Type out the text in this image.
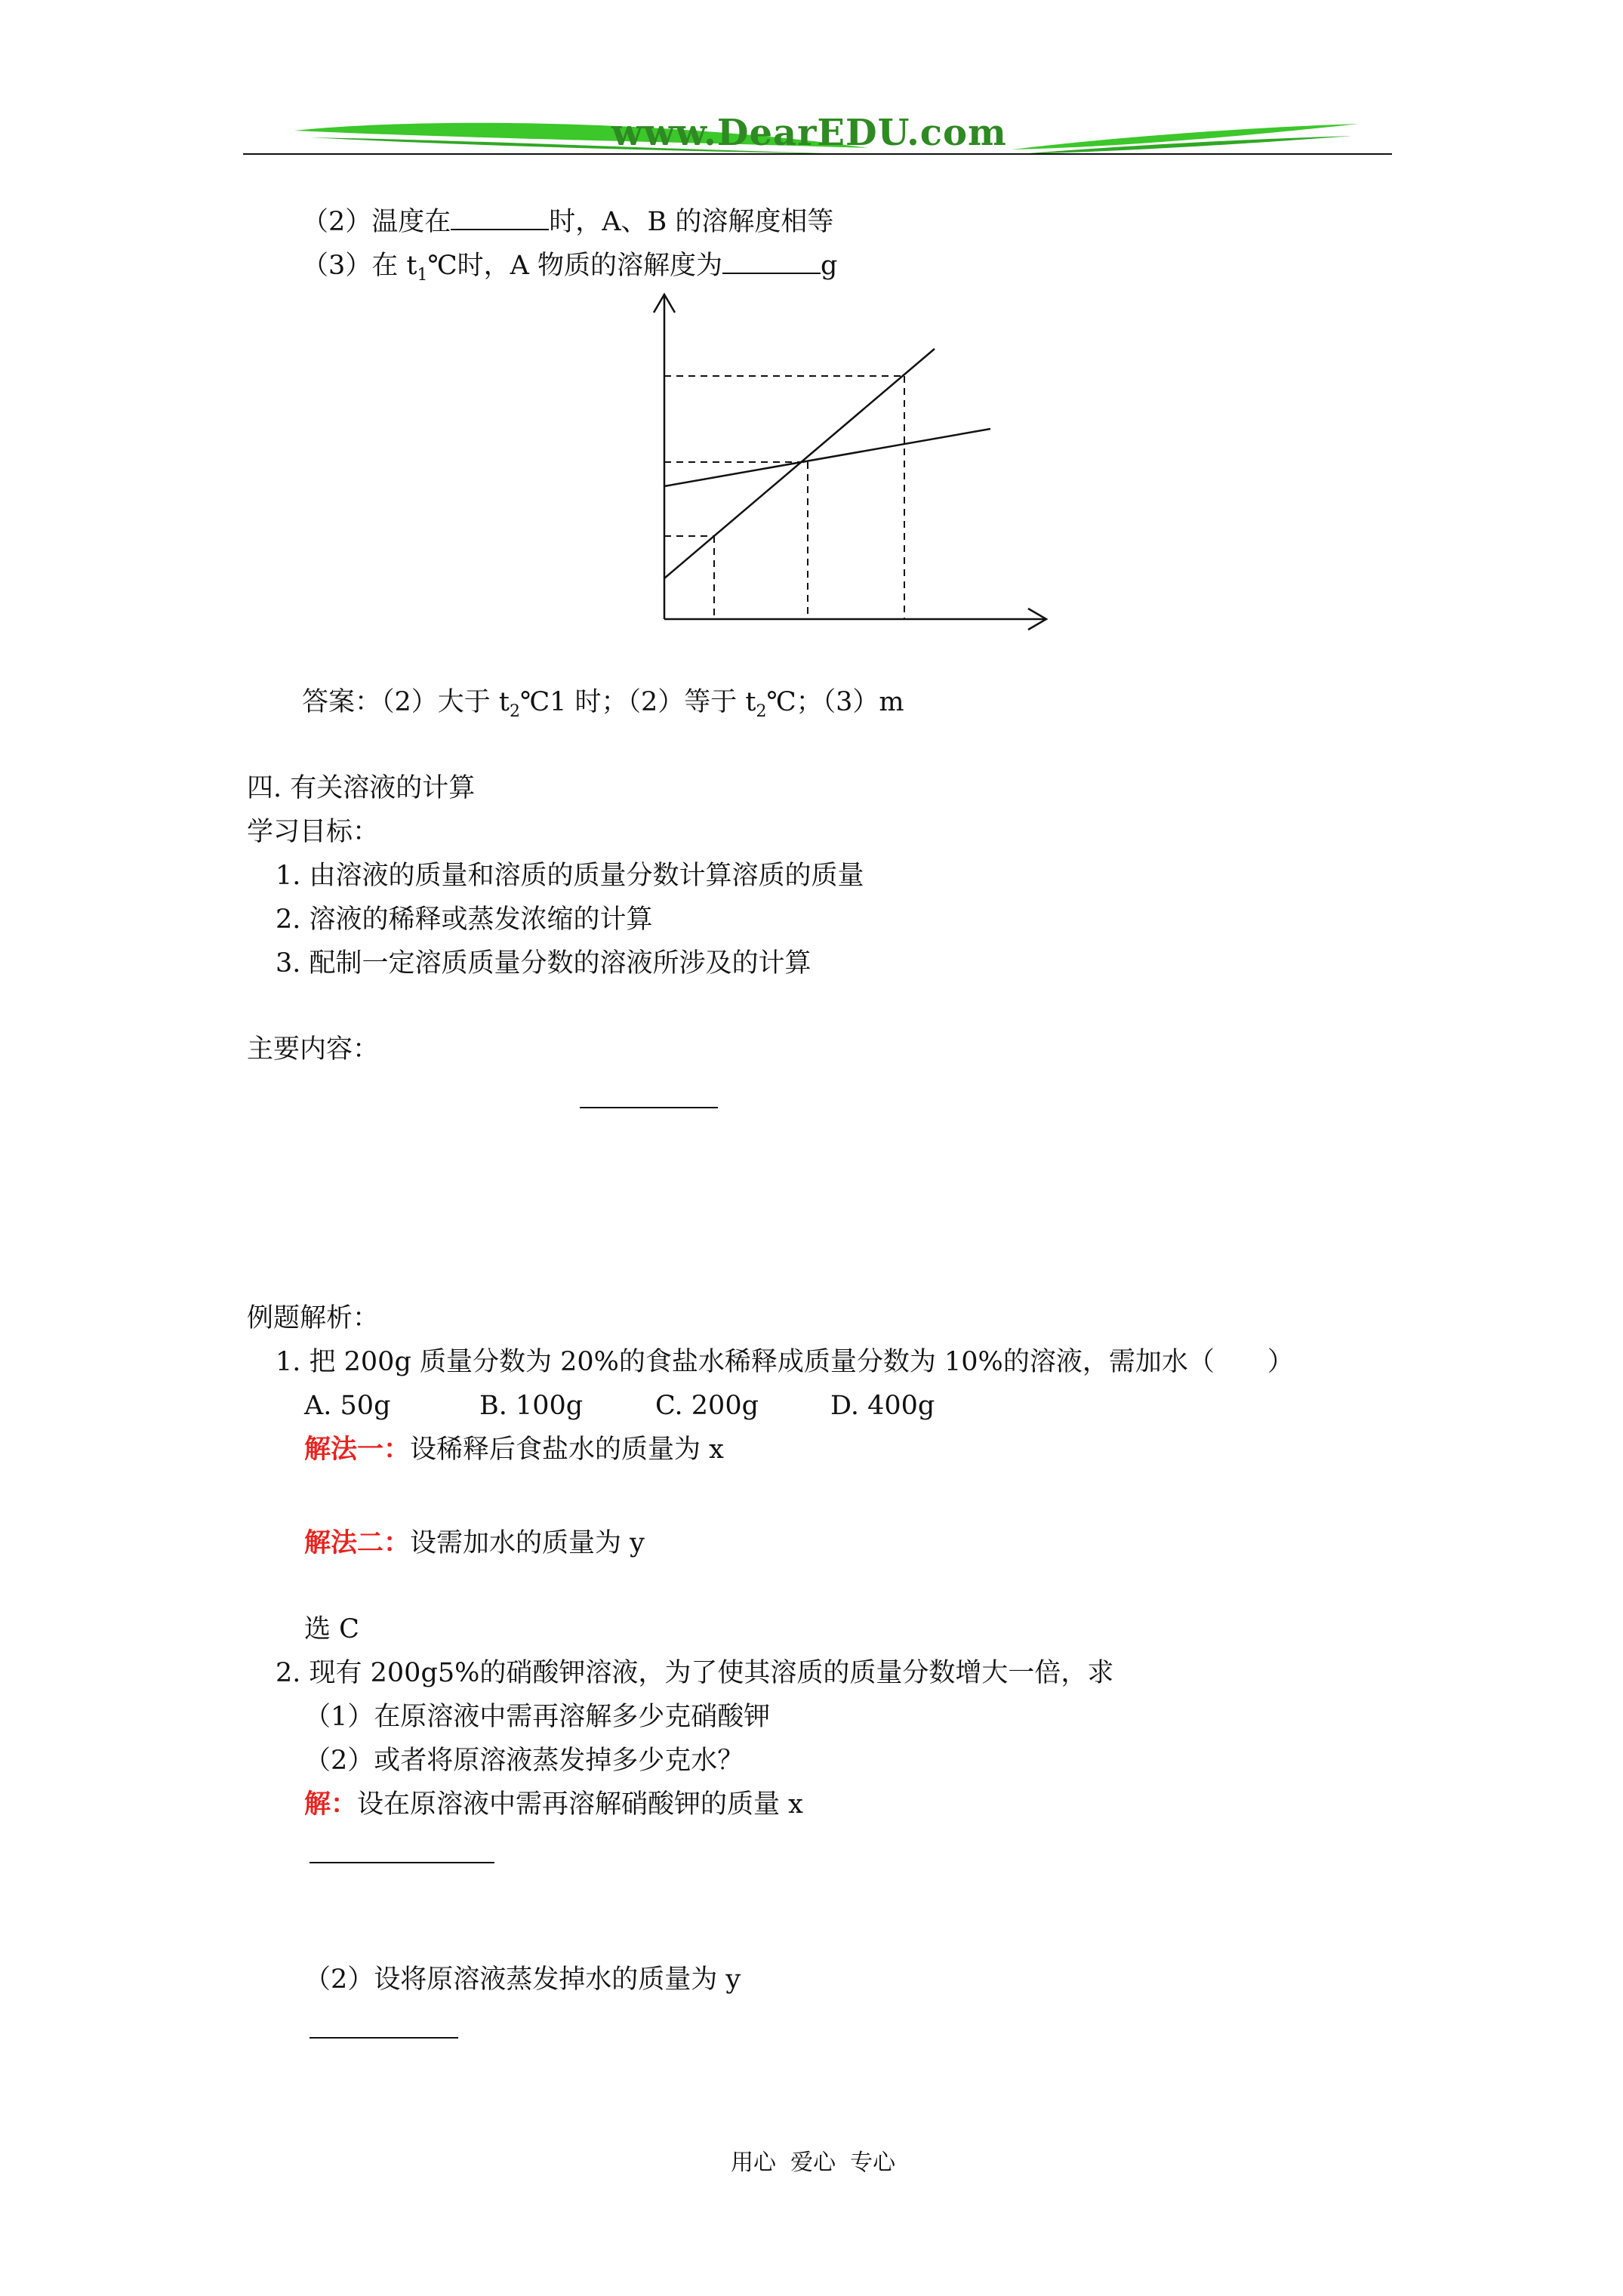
www.DearEDU.com
（2）温度在	时，A、B 的溶解度相等
（3）在 $t_1℃$时，A 物质的溶解度为	g
答案：（2）大于 $t_2℃1$ 时；（2）等于 $t_2℃$；（3）m
四. 有关溶液的计算
学习目标：
1. 由溶液的质量和溶质的质量分数计算溶质的质量
2. 溶液的稀释或蒸发浓缩的计算
3. 配制一定溶质质量分数的溶液所涉及的计算
主要内容：
例题解析：
1. 把 200g 质量分数为 20%的食盐水稀释成质量分数为 10%的溶液，需加水（　　）
A. 50g	B. 100g	C. 200g	D. 400g
解法一：设稀释后食盐水的质量为 x
解法二：设需加水的质量为 y
选 C
2. 现有 200g5%的硝酸钾溶液，为了使其溶质的质量分数增大一倍，求
（1）在原溶液中需再溶解多少克硝酸钾
（2）或者将原溶液蒸发掉多少克水？
解：设在原溶液中需再溶解硝酸钾的质量 x
（2）设将原溶液蒸发掉水的质量为 y
用心  爱心  专心
